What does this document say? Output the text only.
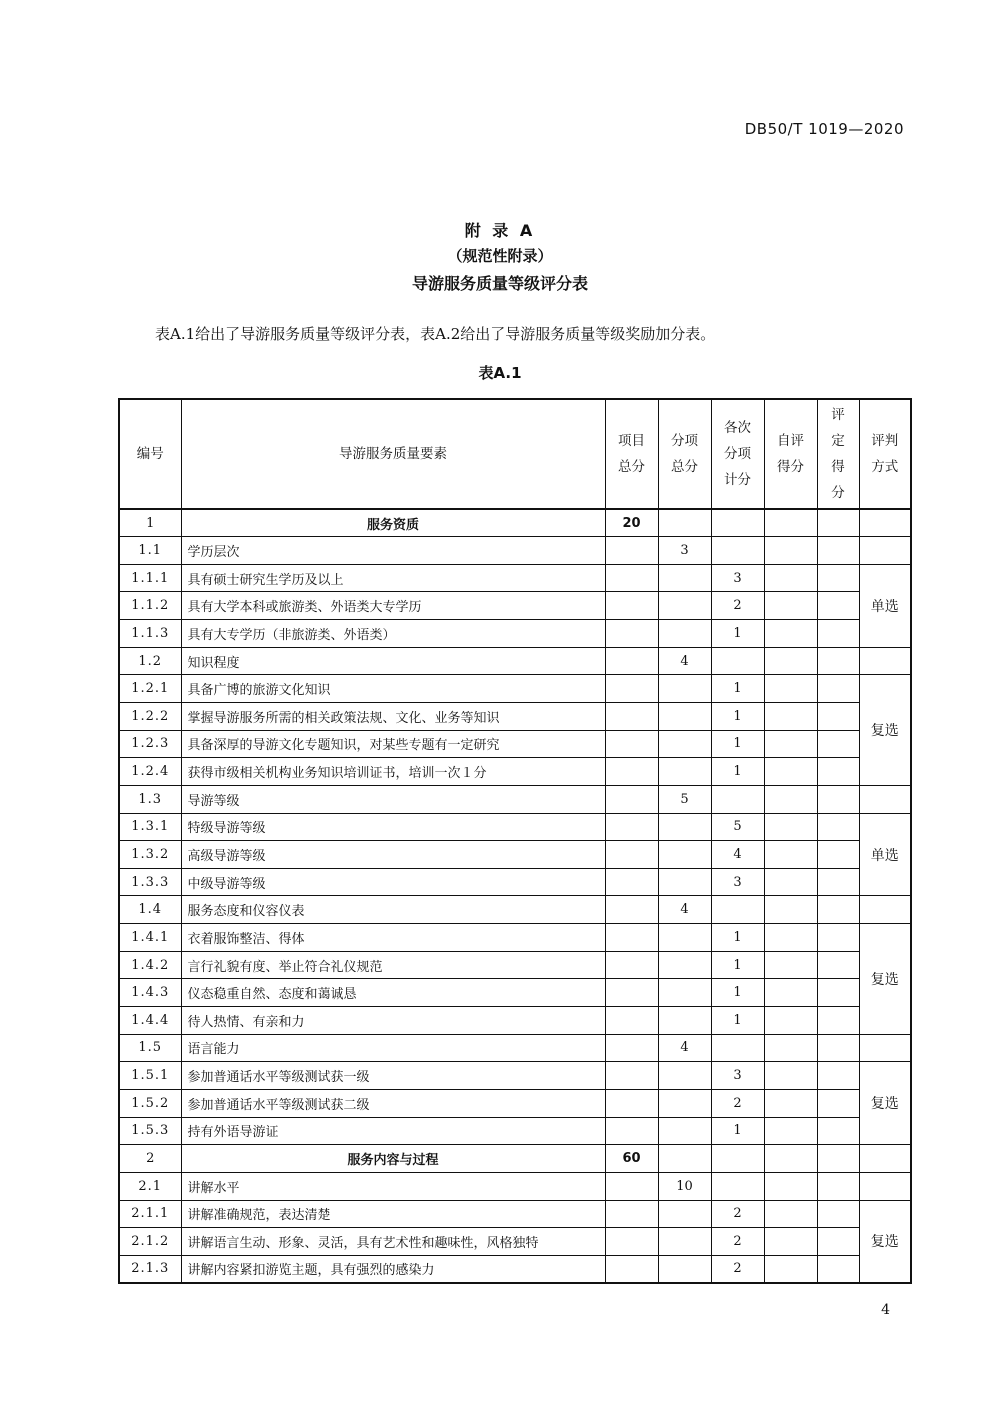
DB50/T 1019—2020
附 录 A
（规范性附录）
导游服务质量等级评分表
表A.1给出了导游服务质量等级评分表，表A.2给出了导游服务质量等级奖励加分表。
表A.1
编号	导游服务质量要素	项目总分	分项总分	各次分项计分	自评得分	评定得分	评判方式
1	服务资质	20					
1.1	学历层次		3				
1.1.1	具有硕士研究生学历及以上			3			单选
1.1.2	具有大学本科或旅游类、外语类大专学历			2			
1.1.3	具有大专学历（非旅游类、外语类）			1			
1.2	知识程度		4				
1.2.1	具备广博的旅游文化知识			1			复选
1.2.2	掌握导游服务所需的相关政策法规、文化、业务等知识			1			
1.2.3	具备深厚的导游文化专题知识，对某些专题有一定研究			1			
1.2.4	获得市级相关机构业务知识培训证书，培训一次１分			1			
1.3	导游等级		5				
1.3.1	特级导游等级			5			单选
1.3.2	高级导游等级			4			
1.3.3	中级导游等级			3			
1.4	服务态度和仪容仪表		4				
1.4.1	衣着服饰整洁、得体			1			复选
1.4.2	言行礼貌有度、举止符合礼仪规范			1			
1.4.3	仪态稳重自然、态度和蔼诚恳			1			
1.4.4	待人热情、有亲和力			1			
1.5	语言能力		4				
1.5.1	参加普通话水平等级测试获一级			3			复选
1.5.2	参加普通话水平等级测试获二级			2			
1.5.3	持有外语导游证			1			
2	服务内容与过程	60					
2.1	讲解水平		10				
2.1.1	讲解准确规范，表达清楚			2			复选
2.1.2	讲解语言生动、形象、灵活，具有艺术性和趣味性，风格独特			2			
2.1.3	讲解内容紧扣游览主题，具有强烈的感染力			2			
4
